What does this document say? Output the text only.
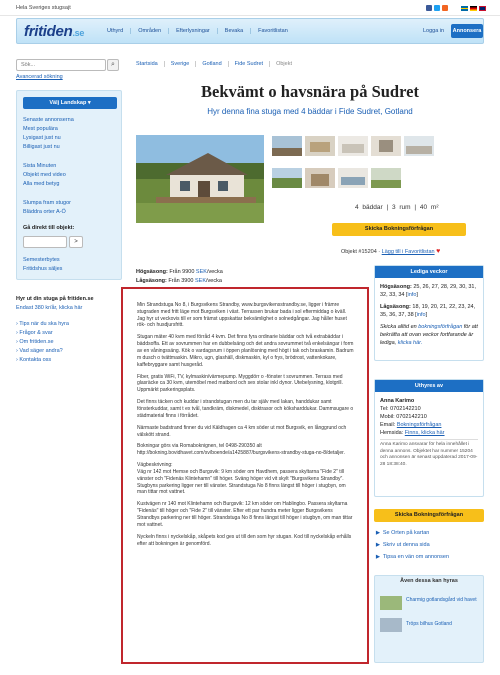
Hela Sveriges stugsajt
fritiden.se	Uthyrd	Områden	Efterlysningar	Bevaka	Favoritlistan	Logga in Annonsera
Sök...
⌕
Avancerad sökning
Välj Landskap ▾
Senaste annonserna
Mest populära
Lysigast just nu
Billigast just nu
Sista Minuten
Objekt med video
Alla med betyg
Slumpa fram stugor
Bläddra orter A-Ö
Gå direkt till objekt:
>
Semesterbytes
Fritidshus säljes
Hyr ut din stuga på fritiden.se
Endast 380 kr/år, klicka här
› Tips när du ska hyra
› Frågor & svar
› Om fritiden.se
› Vad säger andra?
› Kontakta oss
Startsida	Sverige	Gotland	Fide Sudret	Objekt
Bekvämt o havsnära på Sudret
Hyr denna fina stuga med 4 bäddar i Fide Sudret, Gotland
4 bäddar | 3 rum | 40 m²
Skicka Bokningsförfrågan
Objekt #15204 · Lägg till i Favoritlistan ♥
Högsäsong: Från 9900 SEK/vecka
Lågsäsong: Från 3900 SEK/vecka

Min Strandstuga No 8, i Burgsvikens Strandby, www.burgsvikensstrandby.se, ligger i främre stugraden med fritt läge mot Burgsviken i väst. Terrassen brukar bada i sol eftermiddag o kväll. Jag hyr ut veckovis till er som främst uppskattar bekvämlighet o solnedgångar. Jag håller huset rök- och husdjursfritt.

Stugan mäter 40 kvm med förråd 4 kvm. Det finns fyra ordinarie bäddar och två extrabäddar i bäddsoffa. Ett av sovrummen har en dubbelsäng och det andra sovrummet två enkelsängar i form av en våningssäng. Kök o vardagsrum i öppen planlösning med högt i tak och braskamin. Badrum m dusch o tvättmaskin. Mikro, ugn, glashäll, diskmaskin, kyl o frys, brödrost, vattenkokare, kaffebryggare samt husgeråd.

Fiber, gratis WiFi, TV, kylmaskin/värmepump. Myggdörr o -fönster t sovrummen. Terrass med glasräcke ca 30 kvm, utemöbel med matbord och sex stolar inkl dynor. Utebelysning, klotgrill. Uppmärkt parkeringsplats.

Det finns täcken och kuddar i strandstugan men du tar själv med lakan, handdukar samt fönsterkuddar, samt t ex tvål, tandkräm, diskmedel, disktrasor och köksharddukar. Dammsugare o städmaterial finns i förrådet.

Närmaste badstrand finner du vid Käldhagen ca 4 km söder ut mot Burgsvik, en långgrund och välskött strand.

Bokningar görs via Romaboknignen, tel 0498-290350 alt http://bokning.bovidhavet.com/sv/boende/a1425887/burgsvikens-strandby-stuga-no-8/detaljer.

Vägbeskrivning:
Väg nr 142 mot Hemse och Burgsvik: 9 km söder om Havdhem, passera skyltarna "Fide 2" till vänster och "Fidenäs Klintehamn" till höger. Sväng höger vid vit skylt "Burgsvikens Strandby". Stugbyns parkering ligger ner till vänster. Strandstuga No 8 finns längst till höger i stugbyn, om man tittar mot vattnet.

Kustvägen nr 140 mot Klintehamn och Burgsvik: 12 km söder om Hablingbo. Passera skyltarna "Fidenäs" till höger och "Fide 2" till vänster. Efter ett par hundra meter ligger Burgsvikens Strandbys parkering ner till höger. Strandstuga No 8 finns längst till höger i stugbyn, om man tittar mot vattnet.

Nyckeln finns i nyckelskåp, skåpets kod ges ut till den som hyr stugan. Kod till nyckelskåp erhålls efter att bokningen är genomförd.

Lediga veckor
Högsäsong: 25, 26, 27, 28, 29, 30, 31, 32, 33, 34 [info]
Lågsäsong: 18, 19, 20, 21, 22, 23, 24, 35, 36, 37, 38 [info]
Skicka alltid en bokningsförfrågan för att bekräfta att ovan veckor fortfarande är lediga, klicka här.
Uthyres av
Anna Karimo
Tel: 0702142210
Mobil: 0702142210
Email: Bokningsförfrågan
Hemsida: Finns, klicka här
Anna Karimo ansvarar för hela innehållet i denna annons. Objektet har nummer 15204 och annonsen är senast uppdaterad 2017-09-28 18:38:40.
Skicka Bokningsförfrågan
▶ Se Orten på kartan
▶ Skriv ut denna sida
▶ Tipsa en vän om annonsen
Även dessa kan hyras
Charmig gotlandsgård vid havet
Tröps bilhus Gotland
